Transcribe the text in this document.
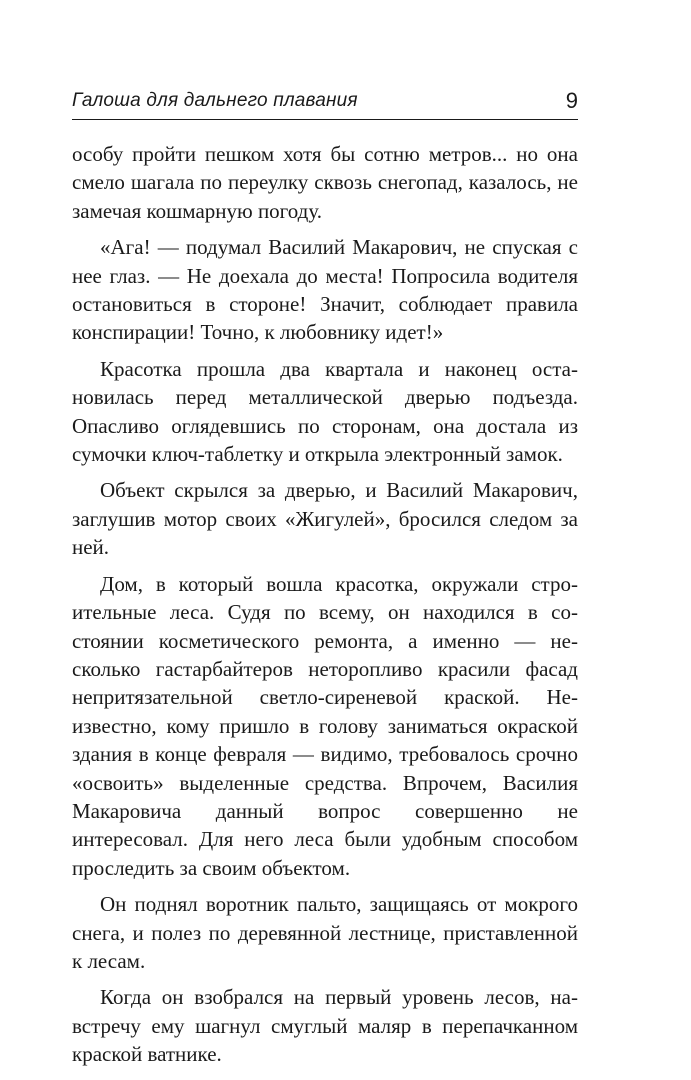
Галоша для дальнего плавания	9

особу пройти пешком хотя бы сотню метров... но она смело шагала по переулку сквозь снегопад, казалось, не замечая кошмарную погоду.

«Ага! — подумал Василий Макарович, не спуская с нее глаз. — Не доехала до места! Попросила водителя остановиться в стороне! Значит, соблюдает правила конспирации! Точно, к любовнику идет!»

Красотка прошла два квартала и наконец остановилась перед металлической дверью подъезда. Опасливо оглядевшись по сторонам, она достала из сумочки ключ-таблетку и открыла электронный замок.

Объект скрылся за дверью, и Василий Макарович, заглушив мотор своих «Жигулей», бросился следом за ней.

Дом, в который вошла красотка, окружали строительные леса. Судя по всему, он находился в состоянии косметического ремонта, а именно — несколько гастарбайтеров неторопливо красили фасад непритязательной светло-сиреневой краской. Неизвестно, кому пришло в голову заниматься окраской здания в конце февраля — видимо, требовалось срочно «освоить» выделенные средства. Впрочем, Василия Макаровича данный вопрос совершенно не интересовал. Для него леса были удобным способом проследить за своим объектом.

Он поднял воротник пальто, защищаясь от мокрого снега, и полез по деревянной лестнице, приставленной к лесам.

Когда он взобрался на первый уровень лесов, навстречу ему шагнул смуглый маляр в перепачканном краской ватнике.
